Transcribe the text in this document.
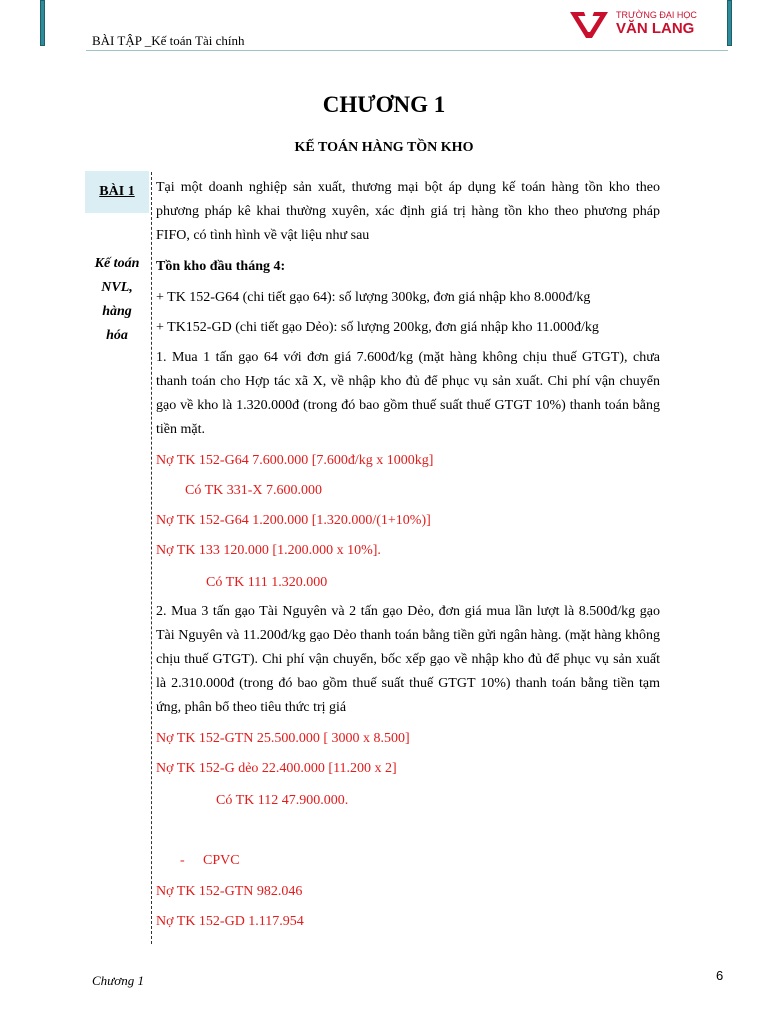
BÀI TẬP _Kế toán Tài chính
TRƯỜNG ĐẠI HỌC
VĂN LANG
CHƯƠNG 1
KẾ TOÁN HÀNG TỒN KHO
BÀI 1
Kế toán
NVL,
hàng
hóa
Tại một doanh nghiệp sản xuất, thương mại bột áp dụng kế toán hàng tồn kho theo phương pháp kê khai thường xuyên, xác định giá trị hàng tồn kho theo phương pháp FIFO, có tình hình về vật liệu như sau
Tồn kho đầu tháng 4:
+ TK 152-G64 (chi tiết gạo 64): số lượng 300kg, đơn giá nhập kho 8.000đ/kg
+ TK152-GD (chi tiết gạo Dẻo): số lượng 200kg, đơn giá nhập kho 11.000đ/kg
1. Mua 1 tấn gạo 64 với đơn giá 7.600đ/kg (mặt hàng không chịu thuế GTGT), chưa thanh toán cho Hợp tác xã X, về nhập kho đủ để phục vụ sản xuất. Chi phí vận chuyển gạo về kho là 1.320.000đ (trong đó bao gồm thuế suất thuế GTGT 10%) thanh toán bằng tiền mặt.
Nợ TK 152-G64 7.600.000 [7.600đ/kg x 1000kg]
Có TK 331-X 7.600.000
Nợ TK 152-G64 1.200.000 [1.320.000/(1+10%)]
Nợ TK 133 120.000 [1.200.000 x 10%].
Có TK 111 1.320.000
2. Mua 3 tấn gạo Tài Nguyên và 2 tấn gạo Dẻo, đơn giá mua lần lượt là 8.500đ/kg gạo Tài Nguyên và 11.200đ/kg gạo Dẻo thanh toán bằng tiền gửi ngân hàng. (mặt hàng không chịu thuế GTGT). Chi phí vận chuyển, bốc xếp gạo về nhập kho đủ để phục vụ sản xuất là 2.310.000đ (trong đó bao gồm thuế suất thuế GTGT 10%) thanh toán bằng tiền tạm ứng, phân bổ theo tiêu thức trị giá
Nợ TK 152-GTN 25.500.000 [ 3000 x 8.500]
Nợ TK 152-G dẻo 22.400.000 [11.200 x 2]
Có TK 112 47.900.000.
-	CPVC
Nợ TK 152-GTN 982.046
Nợ TK 152-GD 1.117.954
Chương 1	6
